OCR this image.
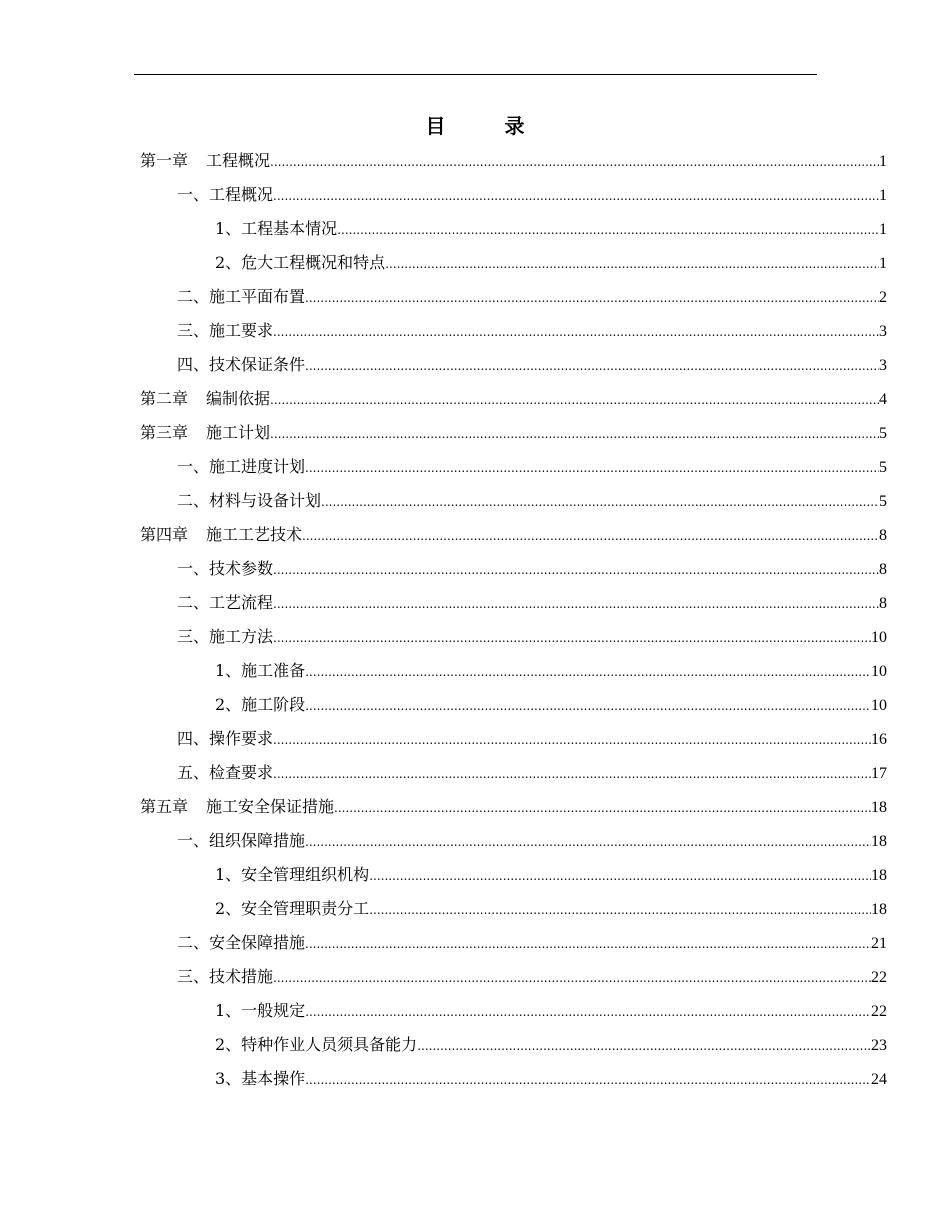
目 录
第一章 工程概况 .....	1
一、工程概况 .....	1
1、工程基本情况 .....	1
2、危大工程概况和特点 .....	1
二、施工平面布置 .....	2
三、施工要求 .....	3
四、技术保证条件 .....	3
第二章 编制依据 .....	4
第三章 施工计划 .....	5
一、施工进度计划 .....	5
二、材料与设备计划 .....	5
第四章 施工工艺技术 .....	8
一、技术参数 .....	8
二、工艺流程 .....	8
三、施工方法 .....	10
1、施工准备 .....	10
2、施工阶段 .....	10
四、操作要求 .....	16
五、检查要求 .....	17
第五章 施工安全保证措施 .....	18
一、组织保障措施 .....	18
1、安全管理组织机构 .....	18
2、安全管理职责分工 .....	18
二、安全保障措施 .....	21
三、技术措施 .....	22
1、一般规定 .....	22
2、特种作业人员须具备能力 .....	23
3、基本操作 .....	24
